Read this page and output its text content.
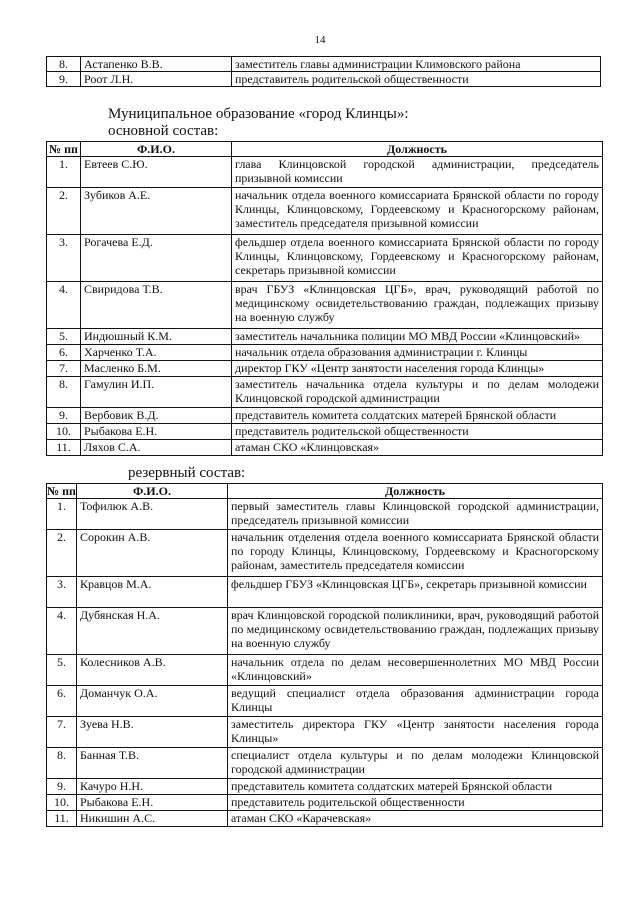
14
8.	Астапенко В.В.	заместитель главы администрации Климовского района
9.	Роот Л.Н.	представитель родительской общественности
Муниципальное образование «город Клинцы»:
основной состав:
№ пп	Ф.И.О.	Должность
1.	Евтеев С.Ю.	глава Клинцовской городской администрации, председатель призывной комиссии
2.	Зубиков А.Е.	начальник отдела военного комиссариата Брянской области по городу Клинцы, Клинцовскому, Гордеевскому и Красногорскому районам, заместитель председателя призывной комиссии
3.	Рогачева Е.Д.	фельдшер отдела военного комиссариата Брянской области по городу Клинцы, Клинцовскому, Гордеевскому и Красногорскому районам, секретарь призывной комиссии
4.	Свиридова Т.В.	врач ГБУЗ «Клинцовская ЦГБ», врач, руководящий работой по медицинскому освидетельствованию граждан, подлежащих призыву на военную службу
5.	Индюшный К.М.	заместитель начальника полиции МО МВД России «Клинцовский»
6.	Харченко Т.А.	начальник отдела образования администрации г. Клинцы
7.	Масленко Б.М.	директор ГКУ «Центр занятости населения города Клинцы»
8.	Гамулин И.П.	заместитель начальника отдела культуры и по делам молодежи Клинцовской городской администрации
9.	Вербовик В.Д.	представитель комитета солдатских матерей Брянской области
10.	Рыбакова Е.Н.	представитель родительской общественности
11.	Ляхов С.А.	атаман СКО «Клинцовская»
резервный состав:
№ пп	Ф.И.О.	Должность
1.	Тофилюк А.В.	первый заместитель главы Клинцовской городской администрации, председатель призывной комиссии
2.	Сорокин А.В.	начальник отделения отдела военного комиссариата Брянской области по городу Клинцы, Клинцовскому, Гордеевскому и Красногорскому районам, заместитель председателя комиссии
3.	Кравцов М.А.	фельдшер ГБУЗ «Клинцовская ЦГБ», секретарь призывной комиссии
4.	Дубянская Н.А.	врач Клинцовской городской поликлиники, врач, руководящий работой по медицинскому освидетельствованию граждан, подлежащих призыву на военную службу
5.	Колесников А.В.	начальник отдела по делам несовершеннолетних МО МВД России «Клинцовский»
6.	Доманчук О.А.	ведущий специалист отдела образования администрации города Клинцы
7.	Зуева Н.В.	заместитель директора ГКУ «Центр занятости населения города Клинцы»
8.	Банная Т.В.	специалист отдела культуры и по делам молодежи Клинцовской городской администрации
9.	Качурo Н.Н.	представитель комитета солдатских матерей Брянской области
10.	Рыбакова Е.Н.	представитель родительской общественности
11.	Никишин А.С.	атаман СКО «Карачевская»
